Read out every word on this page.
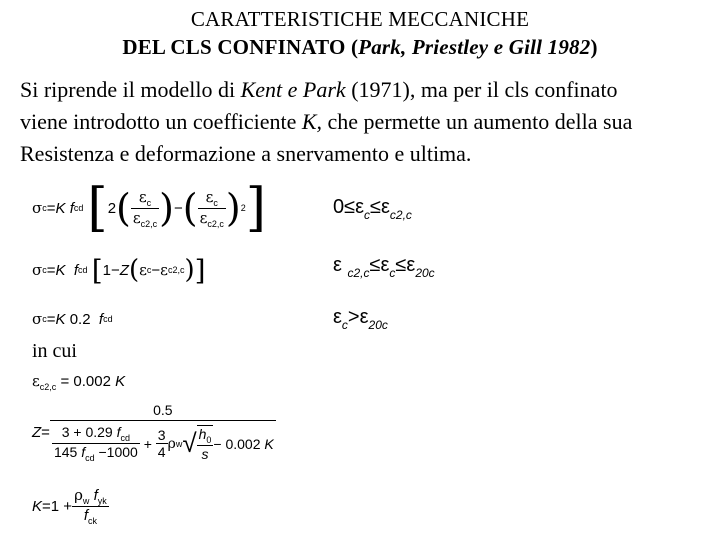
CARATTERISTICHE MECCANICHE
DEL CLS CONFINATO (Park, Priestley e Gill 1982)
Si riprende il modello di Kent e Park (1971), ma per il cls confinato
viene introdotto un coefficiente K, che permette un aumento della sua
Resistenza e deformazione a snervamento e ultima.
σ c = K
f cd [ 2 ( $\frac{\varepsilon_c}{\varepsilon_{c2,c}}$ ) − ( $\frac{\varepsilon_c}{\varepsilon_{c2,c}}$ ) 2 ]	$0\le\varepsilon_c\le\varepsilon_{c2,c}$
σ c = K
f cd
[ 1 − Z ( ε c − ε c2,c ) ]	ε $_{c2,c}\le\varepsilon_c\le\varepsilon_{20c}$
σ c = K
0.2
f cd	$\varepsilon_c>\varepsilon_{20c}$
in cui
$\varepsilon_{c2,c} = 0.002$ K
Z =
0.5
$\frac{3 + 0.29 f_{cd}}{145 f_{cd} -1000} + \frac{3}{4}$ ρ w √ $\frac{h_0}{s} - 0.002$
K
$K = 1 + \frac{\rho_w f_{yk}}{f_{ck}}$
